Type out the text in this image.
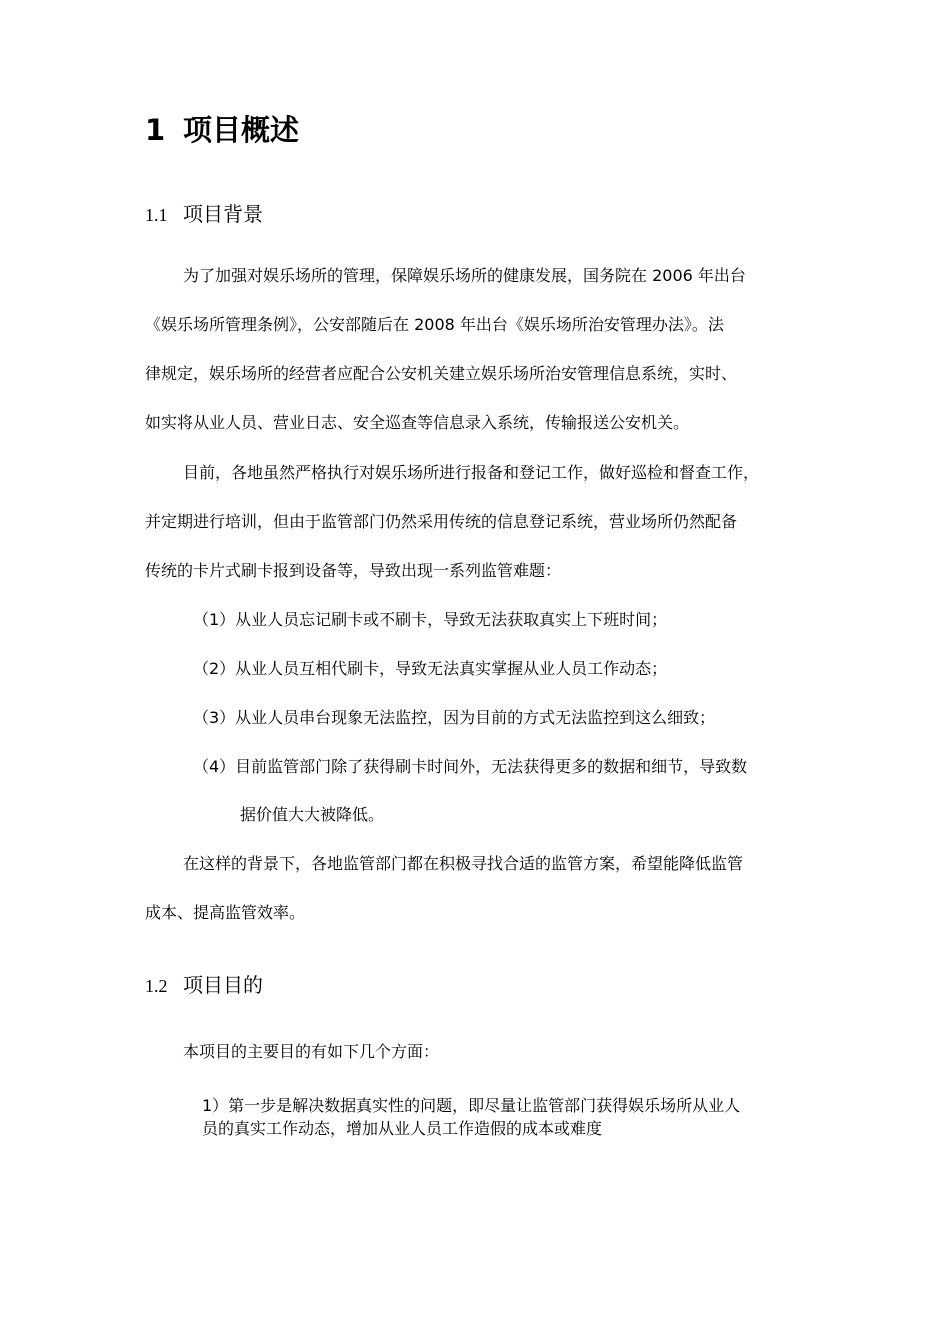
1 项目概述
1.1 项目背景
为了加强对娱乐场所的管理，保障娱乐场所的健康发展，国务院在 2006 年出台
《娱乐场所管理条例》，公安部随后在 2008 年出台《娱乐场所治安管理办法》。法
律规定，娱乐场所的经营者应配合公安机关建立娱乐场所治安管理信息系统，实时、
如实将从业人员、营业日志、安全巡查等信息录入系统，传输报送公安机关。
目前，各地虽然严格执行对娱乐场所进行报备和登记工作，做好巡检和督查工作，
并定期进行培训，但由于监管部门仍然采用传统的信息登记系统，营业场所仍然配备
传统的卡片式刷卡报到设备等，导致出现一系列监管难题：
（1）从业人员忘记刷卡或不刷卡，导致无法获取真实上下班时间；
（2）从业人员互相代刷卡，导致无法真实掌握从业人员工作动态；
（3）从业人员串台现象无法监控，因为目前的方式无法监控到这么细致；
（4）目前监管部门除了获得刷卡时间外，无法获得更多的数据和细节，导致数
据价值大大被降低。
在这样的背景下，各地监管部门都在积极寻找合适的监管方案，希望能降低监管
成本、提高监管效率。
1.2 项目目的
本项目的主要目的有如下几个方面：
1）第一步是解决数据真实性的问题，即尽量让监管部门获得娱乐场所从业人
员的真实工作动态，增加从业人员工作造假的成本或难度
